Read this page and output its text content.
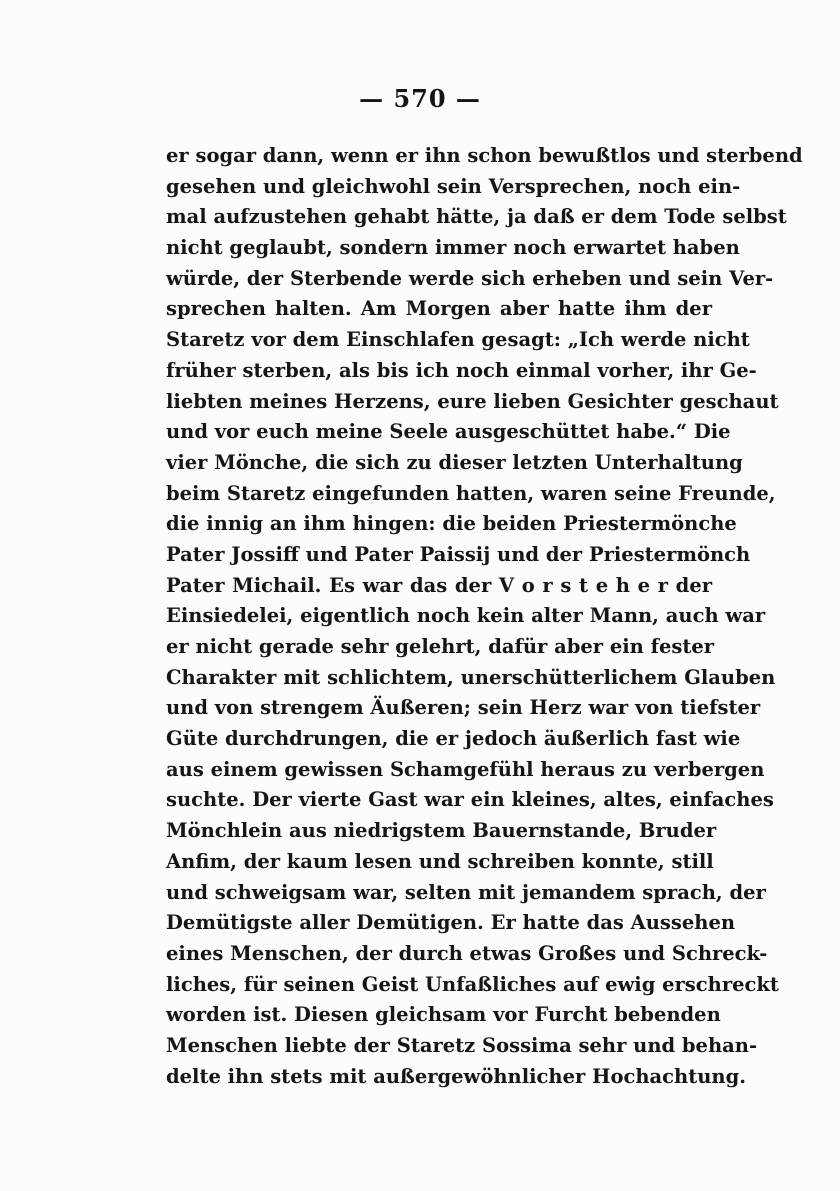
— 570 —
er sogar dann, wenn er ihn schon bewußtlos und sterbend
gesehen und gleichwohl sein Versprechen, noch ein-
mal aufzustehen gehabt hätte, ja daß er dem Tode selbst
nicht geglaubt, sondern immer noch erwartet haben
würde, der Sterbende werde sich erheben und sein Ver-
sprechen halten. Am Morgen aber hatte ihm der
Staretz vor dem Einschlafen gesagt: „Ich werde nicht
früher sterben, als bis ich noch einmal vorher, ihr Ge-
liebten meines Herzens, eure lieben Gesichter geschaut
und vor euch meine Seele ausgeschüttet habe.“ Die
vier Mönche, die sich zu dieser letzten Unterhaltung
beim Staretz eingefunden hatten, waren seine Freunde,
die innig an ihm hingen: die beiden Priestermönche
Pater Jossiff und Pater Paissij und der Priestermönch
Pater Michail. Es war das der V o r s t e h e r der
Einsiedelei, eigentlich noch kein alter Mann, auch war
er nicht gerade sehr gelehrt, dafür aber ein fester
Charakter mit schlichtem, unerschütterlichem Glauben
und von strengem Äußeren; sein Herz war von tiefster
Güte durchdrungen, die er jedoch äußerlich fast wie
aus einem gewissen Schamgefühl heraus zu verbergen
suchte. Der vierte Gast war ein kleines, altes, einfaches
Mönchlein aus niedrigstem Bauernstande, Bruder
Anfim, der kaum lesen und schreiben konnte, still
und schweigsam war, selten mit jemandem sprach, der
Demütigste aller Demütigen. Er hatte das Aussehen
eines Menschen, der durch etwas Großes und Schreck-
liches, für seinen Geist Unfaßliches auf ewig erschreckt
worden ist. Diesen gleichsam vor Furcht bebenden
Menschen liebte der Staretz Sossima sehr und behan-
delte ihn stets mit außergewöhnlicher Hochachtung.
